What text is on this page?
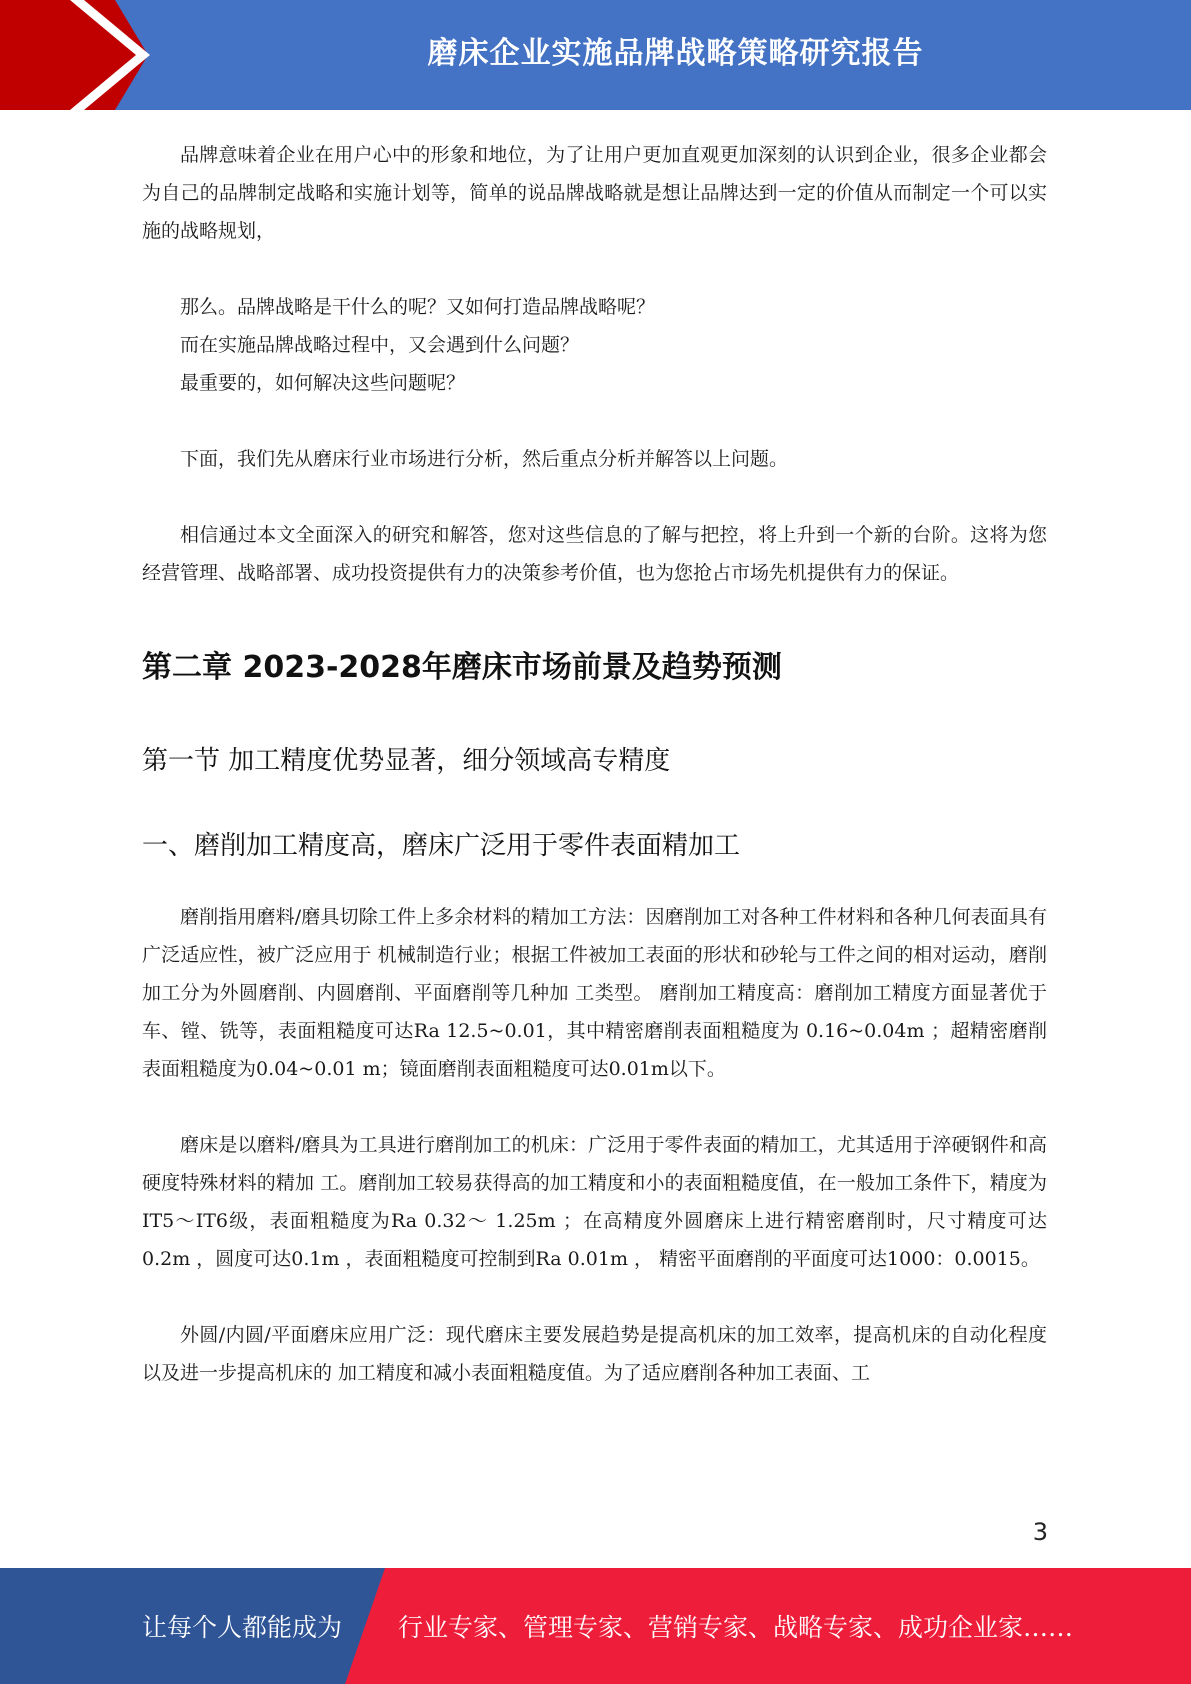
磨床企业实施品牌战略策略研究报告

品牌意味着企业在用户心中的形象和地位，为了让用户更加直观更加深刻的认识到企业，很多企业都会为自己的品牌制定战略和实施计划等，简单的说品牌战略就是想让品牌达到一定的价值从而制定一个可以实施的战略规划，

那么。品牌战略是干什么的呢？又如何打造品牌战略呢？

而在实施品牌战略过程中，又会遇到什么问题？

最重要的，如何解决这些问题呢？

下面，我们先从磨床行业市场进行分析，然后重点分析并解答以上问题。

相信通过本文全面深入的研究和解答，您对这些信息的了解与把控，将上升到一个新的台阶。这将为您经营管理、战略部署、成功投资提供有力的决策参考价值，也为您抢占市场先机提供有力的保证。

第二章 2023-2028年磨床市场前景及趋势预测
第一节 加工精度优势显著，细分领域高专精度
一、磨削加工精度高，磨床广泛用于零件表面精加工

磨削指用磨料/磨具切除工件上多余材料的精加工方法：因磨削加工对各种工件材料和各种几何表面具有广泛适应性，被广泛应用于 机械制造行业；根据工件被加工表面的形状和砂轮与工件之间的相对运动，磨削加工分为外圆磨削、内圆磨削、平面磨削等几种加 工类型。 磨削加工精度高：磨削加工精度方面显著优于车、镗、铣等，表面粗糙度可达Ra 12.5~0.01，其中精密磨削表面粗糙度为 0.16~0.04m ；超精密磨削表面粗糙度为0.04~0.01 m；镜面磨削表面粗糙度可达0.01m以下。

磨床是以磨料/磨具为工具进行磨削加工的机床：广泛用于零件表面的精加工，尤其适用于淬硬钢件和高硬度特殊材料的精加 工。磨削加工较易获得高的加工精度和小的表面粗糙度值，在一般加工条件下，精度为IT5～IT6级，表面粗糙度为Ra 0.32～ 1.25m ；在高精度外圆磨床上进行精密磨削时，尺寸精度可达0.2m ，圆度可达0.1m ，表面粗糙度可控制到Ra 0.01m ， 精密平面磨削的平面度可达1000：0.0015。

外圆/内圆/平面磨床应用广泛：现代磨床主要发展趋势是提高机床的加工效率，提高机床的自动化程度以及进一步提高机床的 加工精度和减小表面粗糙度值。为了适应磨削各种加工表面、工

3
让每个人都能成为 行业专家、管理专家、营销专家、战略专家、成功企业家……
